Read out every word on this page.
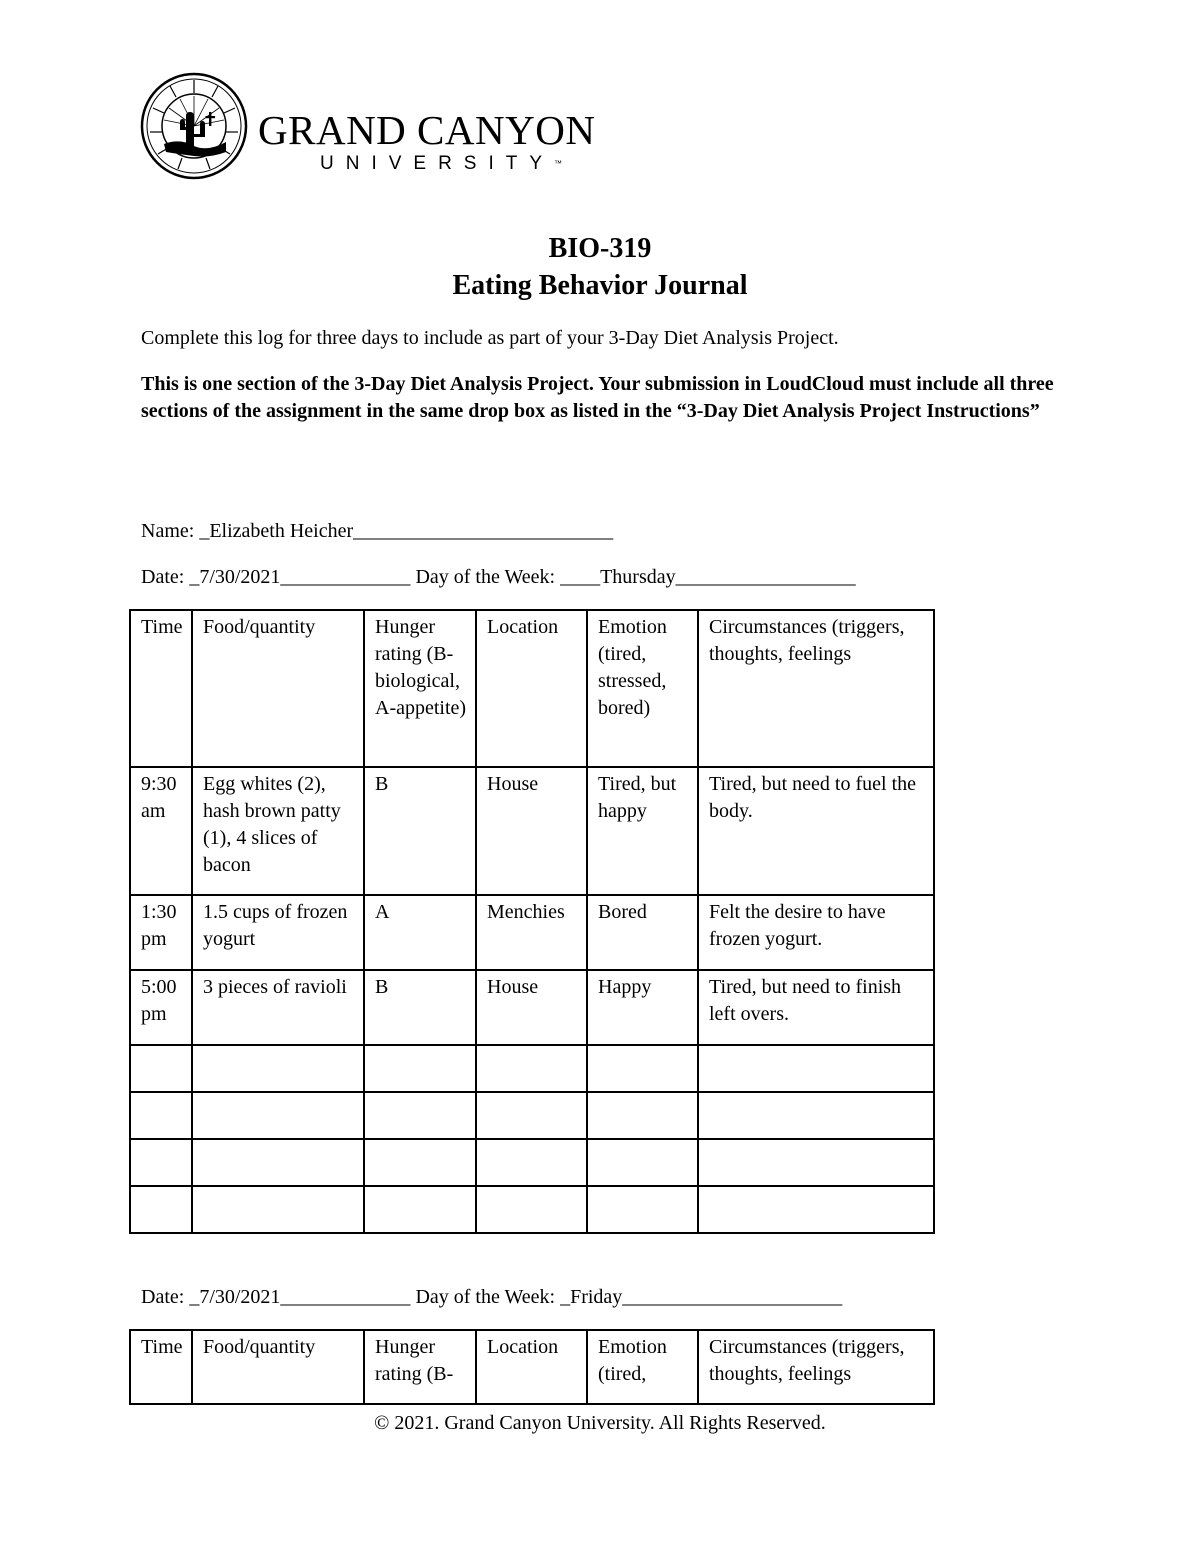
GRAND CANYON
UNIVERSITY™
BIO-319
Eating Behavior Journal
Complete this log for three days to include as part of your 3-Day Diet Analysis Project.
This is one section of the 3-Day Diet Analysis Project. Your submission in LoudCloud must include all three sections of the assignment in the same drop box as listed in the “3-Day Diet Analysis Project Instructions”
Name: _Elizabeth Heicher__________________________
Date: _7/30/2021_____________ Day of the Week: ____Thursday__________________
Time	Food/quantity	Hunger rating (B-biological, A-appetite)	Location	Emotion (tired, stressed, bored)	Circumstances (triggers, thoughts, feelings
9:30 am	Egg whites (2), hash brown patty (1), 4 slices of bacon	B	House	Tired, but happy	Tired, but need to fuel the body.
1:30 pm	1.5 cups of frozen yogurt	A	Menchies	Bored	Felt the desire to have frozen yogurt.
5:00 pm	3 pieces of ravioli	B	House	Happy	Tired, but need to finish left overs.

Date: _7/30/2021_____________ Day of the Week: _Friday______________________
Time	Food/quantity	Hunger rating (B-	Location	Emotion (tired,	Circumstances (triggers, thoughts, feelings
© 2021. Grand Canyon University. All Rights Reserved.
